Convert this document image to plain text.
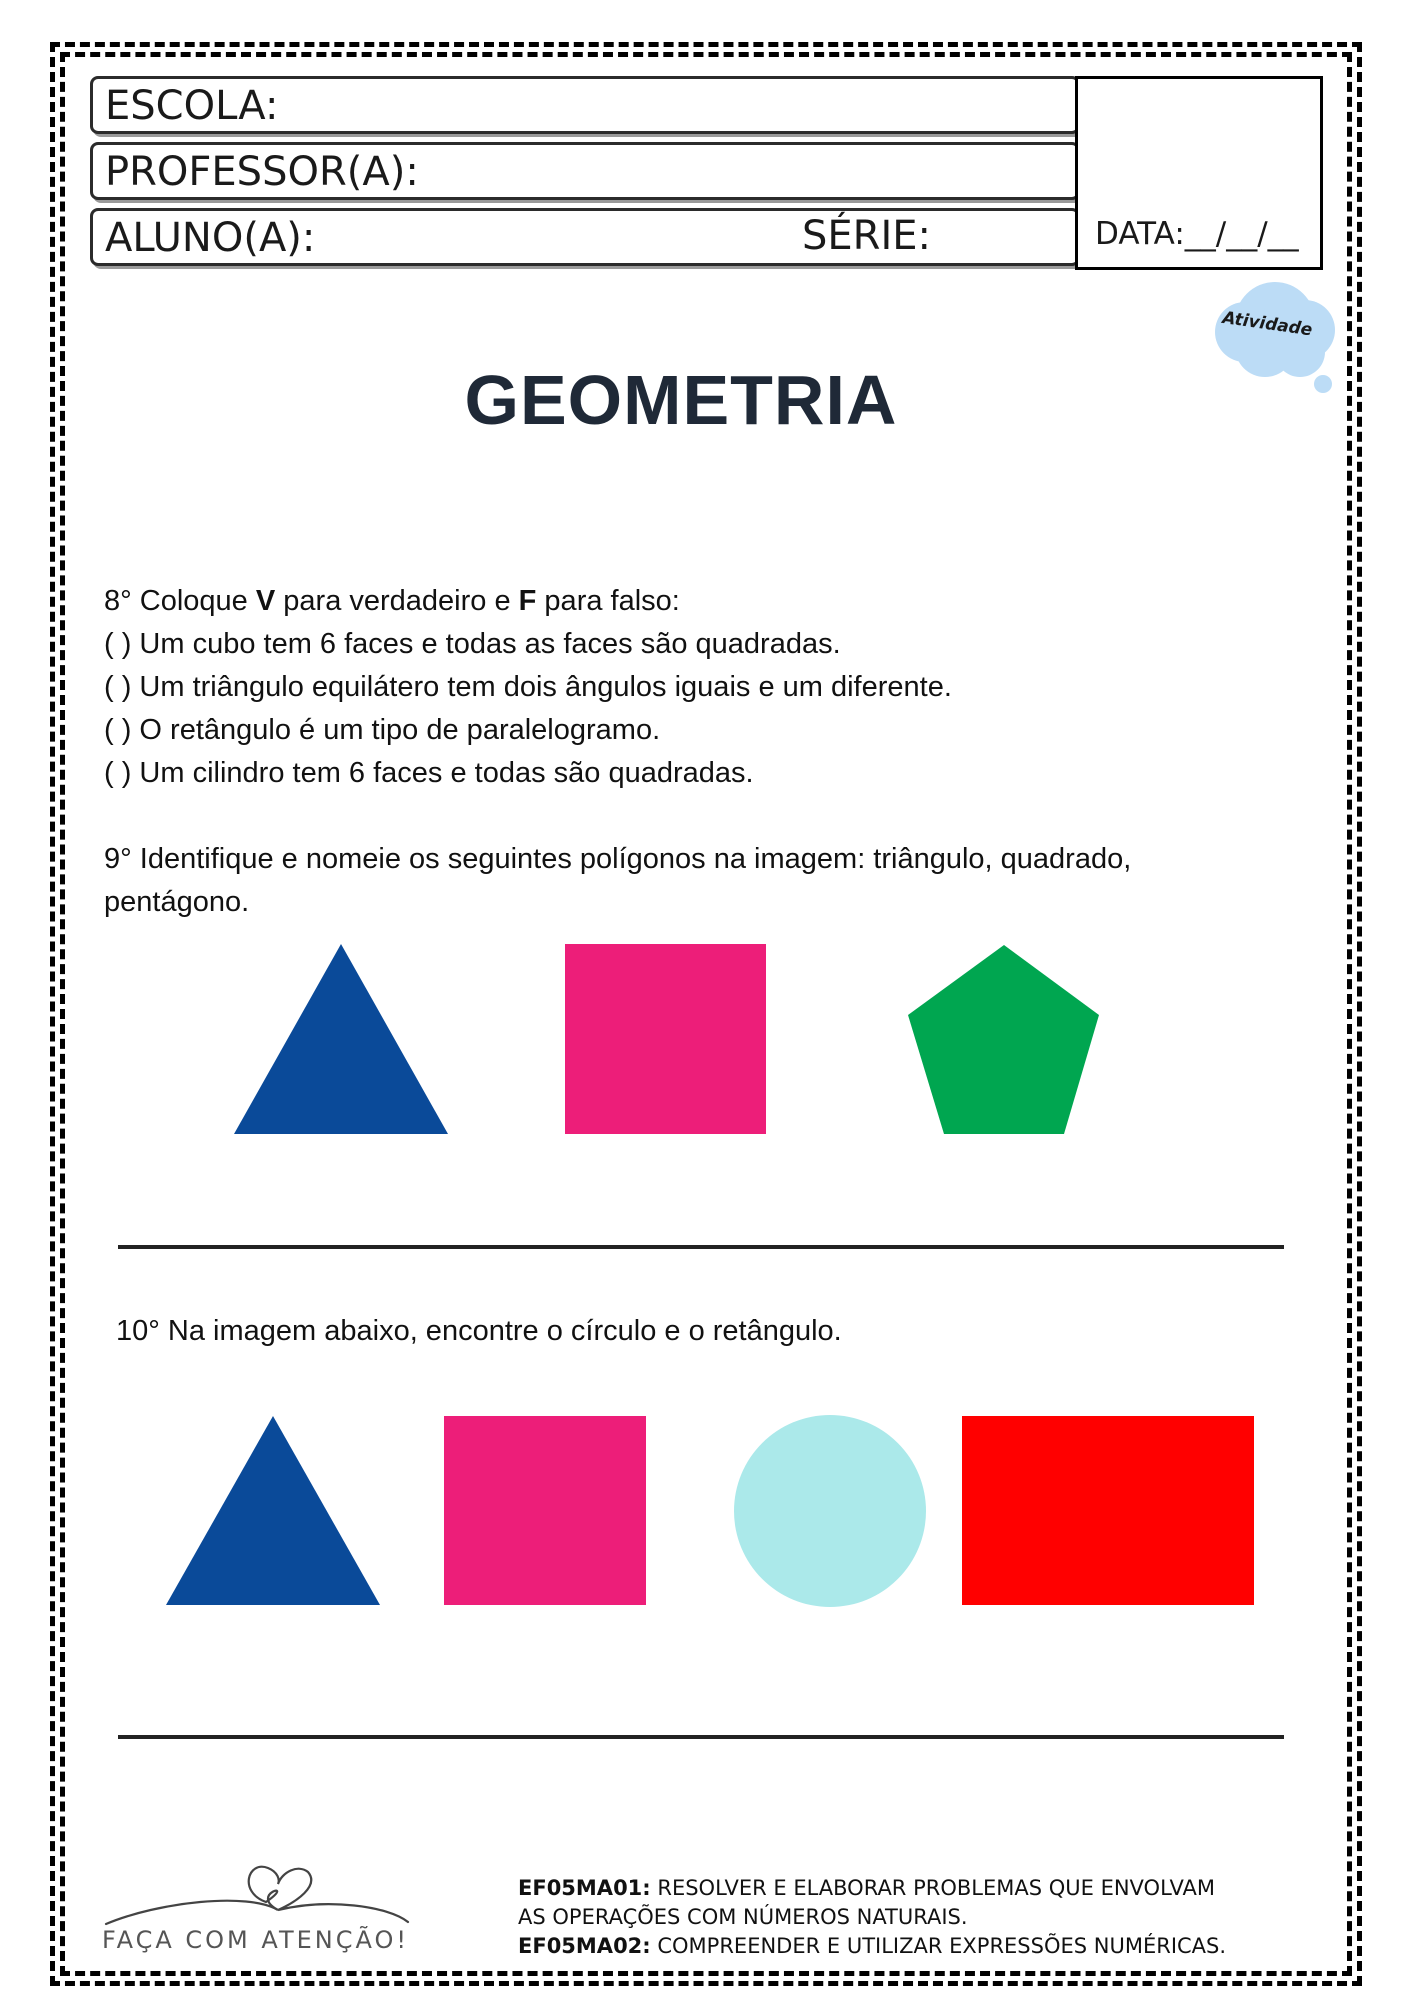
ESCOLA:
PROFESSOR(A):
ALUNO(A):	SÉRIE:	DATA:__/__/__
Atividade
GEOMETRIA
8° Coloque V para verdadeiro e F para falso:
( ) Um cubo tem 6 faces e todas as faces são quadradas.
( ) Um triângulo equilátero tem dois ângulos iguais e um diferente.
( ) O retângulo é um tipo de paralelogramo.
( ) Um cilindro tem 6 faces e todas são quadradas.
9° Identifique e nomeie os seguintes polígonos na imagem: triângulo, quadrado,
pentágono.
10° Na imagem abaixo, encontre o círculo e o retângulo.
FAÇA COM ATENÇÃO!
EF05MA01: RESOLVER E ELABORAR PROBLEMAS QUE ENVOLVAM
AS OPERAÇÕES COM NÚMEROS NATURAIS.
EF05MA02: COMPREENDER E UTILIZAR EXPRESSÕES NUMÉRICAS.
